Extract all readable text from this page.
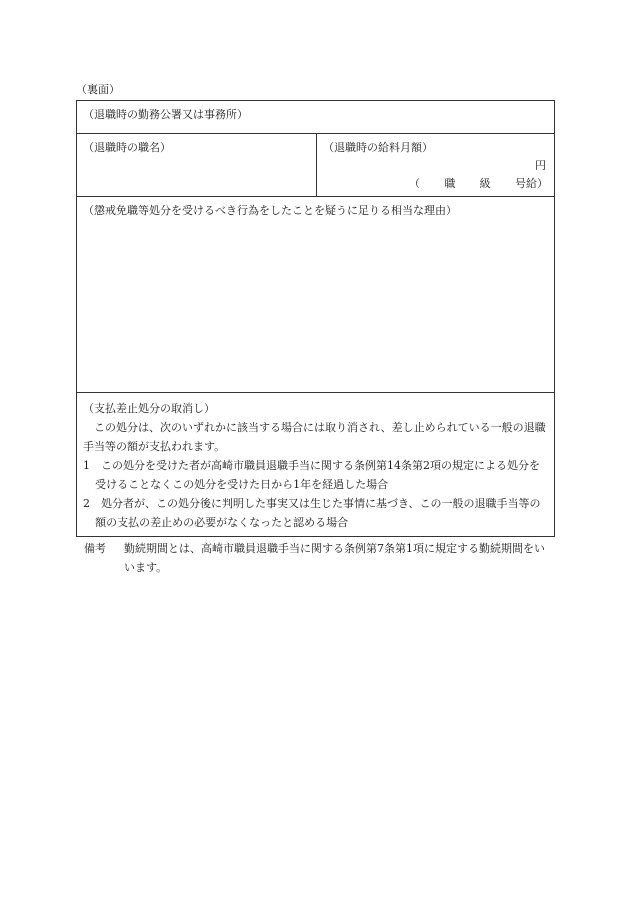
（裏面）
（退職時の勤務公署又は事務所）
（退職時の職名）	（退職時の給料月額）
円
（ 職 級 号給）
（懲戒免職等処分を受けるべき行為をしたことを疑うに足りる相当な理由）
（支払差止処分の取消し）
この処分は、次のいずれかに該当する場合には取り消され、差し止められている一般の退職手当等の額が支払われます。
1　この処分を受けた者が高崎市職員退職手当に関する条例第14条第2項の規定による処分を受けることなくこの処分を受けた日から1年を経過した場合
2　処分者が、この処分後に判明した事実又は生じた事情に基づき、この一般の退職手当等の額の支払の差止めの必要がなくなったと認める場合
備考	勤続期間とは、高崎市職員退職手当に関する条例第7条第1項に規定する勤続期間をいいます。
